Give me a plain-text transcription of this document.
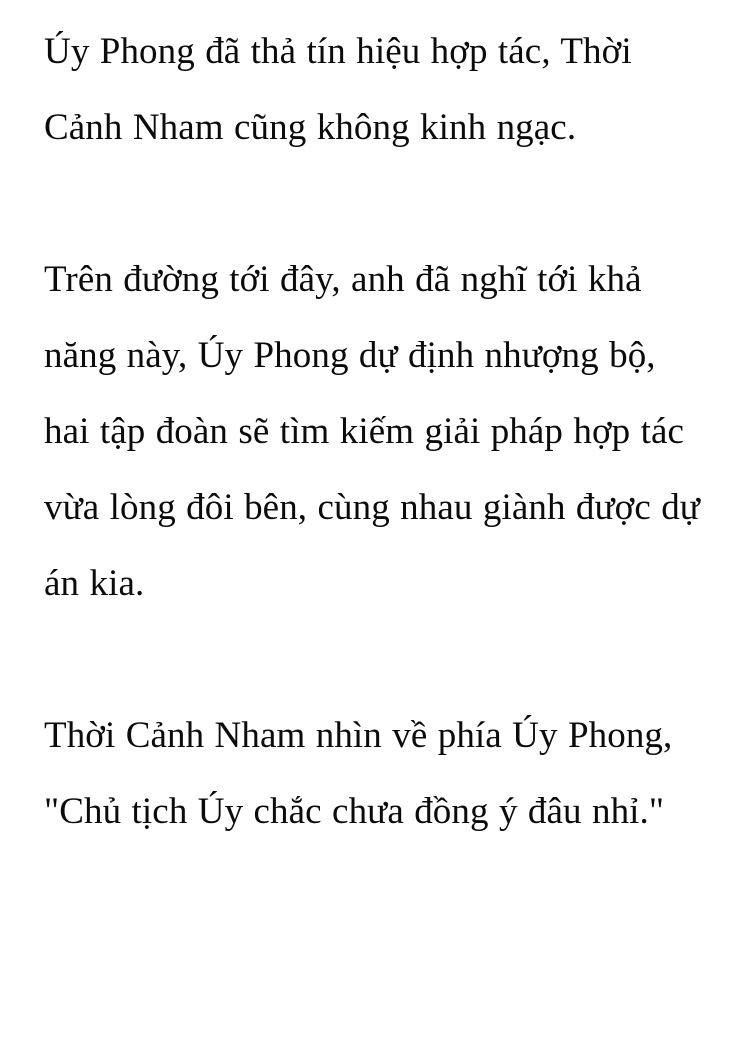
Úy Phong đã thả tín hiệu hợp tác, Thời Cảnh Nham cũng không kinh ngạc.

Trên đường tới đây, anh đã nghĩ tới khả năng này, Úy Phong dự định nhượng bộ, hai tập đoàn sẽ tìm kiếm giải pháp hợp tác vừa lòng đôi bên, cùng nhau giành được dự án kia.

Thời Cảnh Nham nhìn về phía Úy Phong, "Chủ tịch Úy chắc chưa đồng ý đâu nhỉ."
